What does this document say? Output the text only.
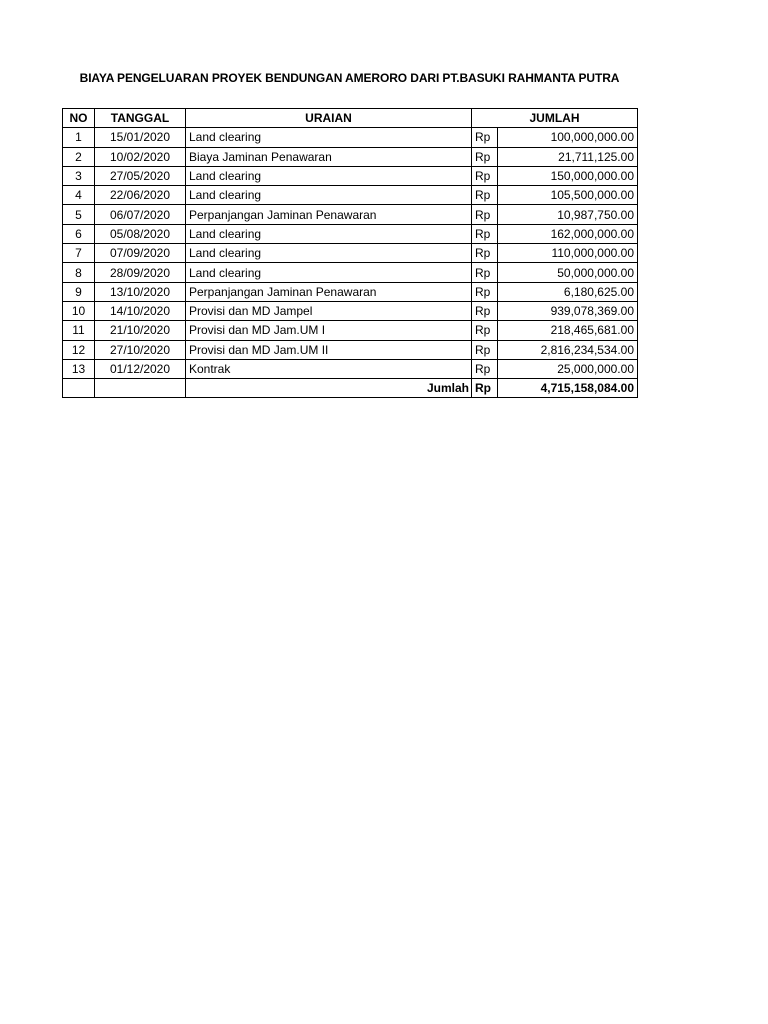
BIAYA PENGELUARAN PROYEK BENDUNGAN AMERORO DARI PT.BASUKI RAHMANTA PUTRA
NO	TANGGAL	URAIAN	JUMLAH	
1	15/01/2020	Land clearing	Rp	100,000,000.00
2	10/02/2020	Biaya Jaminan Penawaran	Rp	21,711,125.00
3	27/05/2020	Land clearing	Rp	150,000,000.00
4	22/06/2020	Land clearing	Rp	105,500,000.00
5	06/07/2020	Perpanjangan Jaminan Penawaran	Rp	10,987,750.00
6	05/08/2020	Land clearing	Rp	162,000,000.00
7	07/09/2020	Land clearing	Rp	110,000,000.00
8	28/09/2020	Land clearing	Rp	50,000,000.00
9	13/10/2020	Perpanjangan Jaminan Penawaran	Rp	6,180,625.00
10	14/10/2020	Provisi dan MD Jampel	Rp	939,078,369.00
11	21/10/2020	Provisi dan MD Jam.UM I	Rp	218,465,681.00
12	27/10/2020	Provisi dan MD Jam.UM II	Rp	2,816,234,534.00
13	01/12/2020	Kontrak	Rp	25,000,000.00
		Jumlah	Rp	4,715,158,084.00
